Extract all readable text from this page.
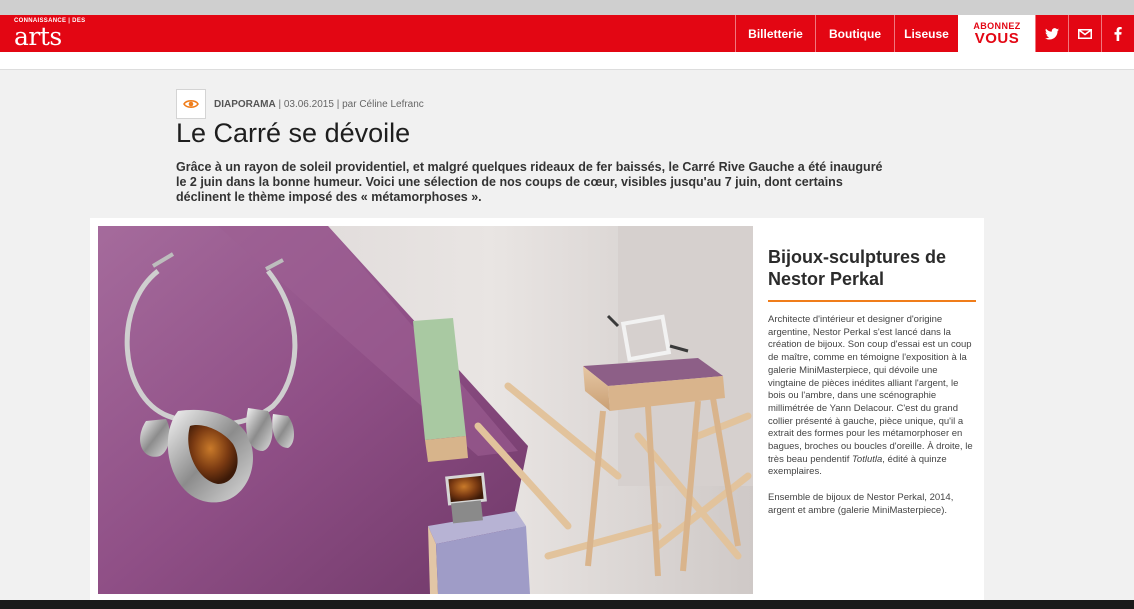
CONNAISSANCE | DES
arts	Billetterie	Boutique	Liseuse
ABONNEZ
VOUS
DIAPORAMA | 03.06.2015 | par Céline Lefranc
Le Carré se dévoile

Grâce à un rayon de soleil providentiel, et malgré quelques rideaux de fer baissés, le Carré Rive Gauche a été inauguré le 2 juin dans la bonne humeur. Voici une sélection de nos coups de cœur, visibles jusqu'au 7 juin, dont certains déclinent le thème imposé des « métamorphoses ».

Bijoux-sculptures de Nestor Perkal

Architecte d'intérieur et designer d'origine argentine, Nestor Perkal s'est lancé dans la création de bijoux. Son coup d'essai est un coup de maître, comme en témoigne l'exposition à la galerie MiniMasterpiece, qui dévoile une vingtaine de pièces inédites alliant l'argent, le bois ou l'ambre, dans une scénographie millimétrée de Yann Delacour. C'est du grand collier présenté à gauche, pièce unique, qu'il a extrait des formes pour les métamorphoser en bagues, broches ou boucles d'oreille. À droite, le très beau pendentif Totlutla, édité à quinze exemplaires.

Ensemble de bijoux de Nestor Perkal, 2014, argent et ambre (galerie MiniMasterpiece).
